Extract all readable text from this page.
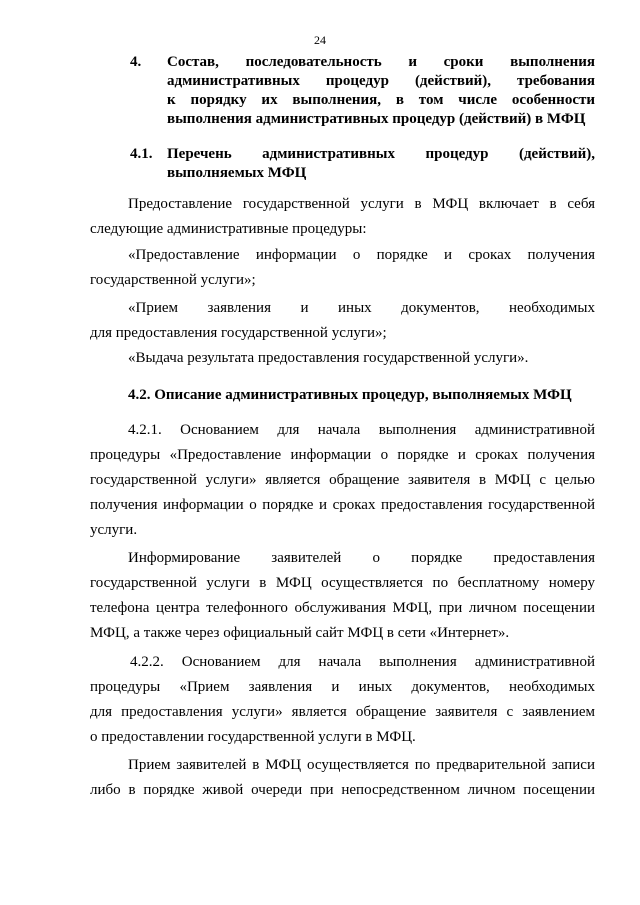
24
4. Состав, последовательность и сроки выполнения
административных процедур (действий), требования
к порядку их выполнения, в том числе особенности
выполнения административных процедур (действий) в МФЦ
4.1. Перечень административных процедур (действий),
выполняемых МФЦ
Предоставление государственной услуги в МФЦ включает в себя
следующие административные процедуры:
«Предоставление информации о порядке и сроках получения
государственной услуги»;
«Прием заявления и иных документов, необходимых
для предоставления государственной услуги»;
«Выдача результата предоставления государственной услуги».
4.2. Описание административных процедур, выполняемых МФЦ
4.2.1. Основанием для начала выполнения административной
процедуры «Предоставление информации о порядке и сроках получения
государственной услуги» является обращение заявителя в МФЦ с целью
получения информации о порядке и сроках предоставления государственной
услуги.
Информирование заявителей о порядке предоставления
государственной услуги в МФЦ осуществляется по бесплатному номеру
телефона центра телефонного обслуживания МФЦ, при личном посещении
МФЦ, а также через официальный сайт МФЦ в сети «Интернет».
4.2.2. Основанием для начала выполнения административной
процедуры «Прием заявления и иных документов, необходимых
для предоставления услуги» является обращение заявителя с заявлением
о предоставлении государственной услуги в МФЦ.
Прием заявителей в МФЦ осуществляется по предварительной записи
либо в порядке живой очереди при непосредственном личном посещении
